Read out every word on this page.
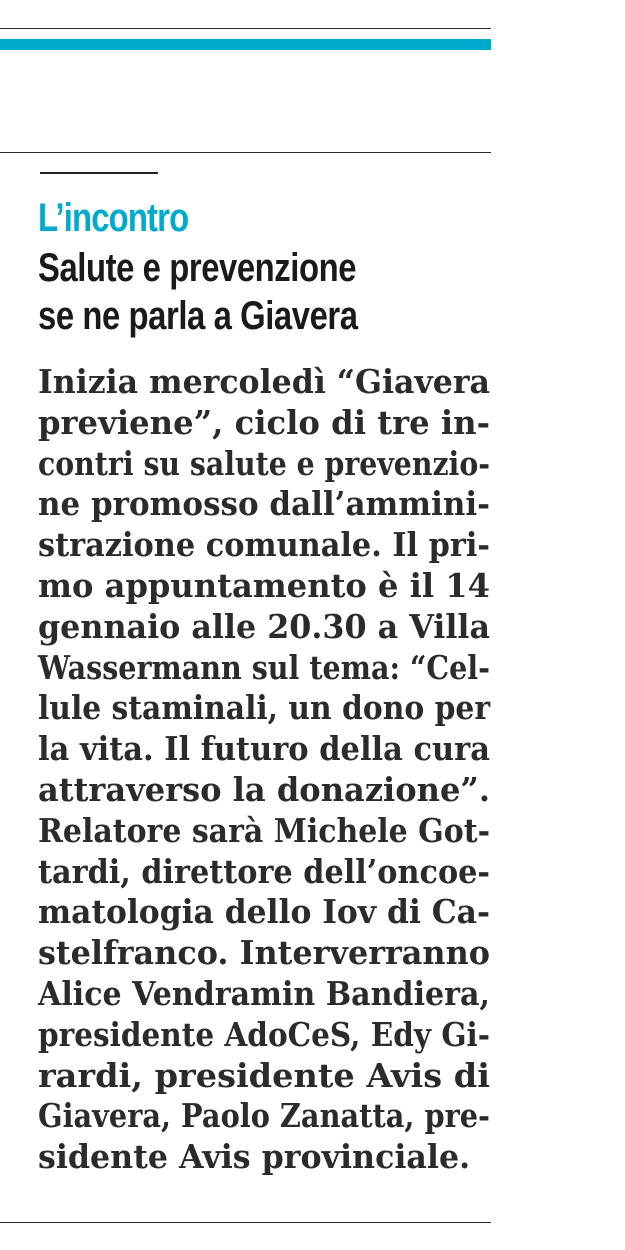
L’incontro
Salute e prevenzione
se ne parla a Giavera
Inizia mercoledì “Giavera
previene”, ciclo di tre in-
contri su salute e prevenzio-
ne promosso dall’ammini-
strazione comunale. Il pri-
mo appuntamento è il 14
gennaio alle 20.30 a Villa
Wassermann sul tema: “Cel-
lule staminali, un dono per
la vita. Il futuro della cura
attraverso la donazione”.
Relatore sarà Michele Got-
tardi, direttore dell’oncoe-
matologia dello Iov di Ca-
stelfranco. Interverranno
Alice Vendramin Bandiera,
presidente AdoCeS, Edy Gi-
rardi, presidente Avis di
Giavera, Paolo Zanatta, pre-
sidente Avis provinciale.
